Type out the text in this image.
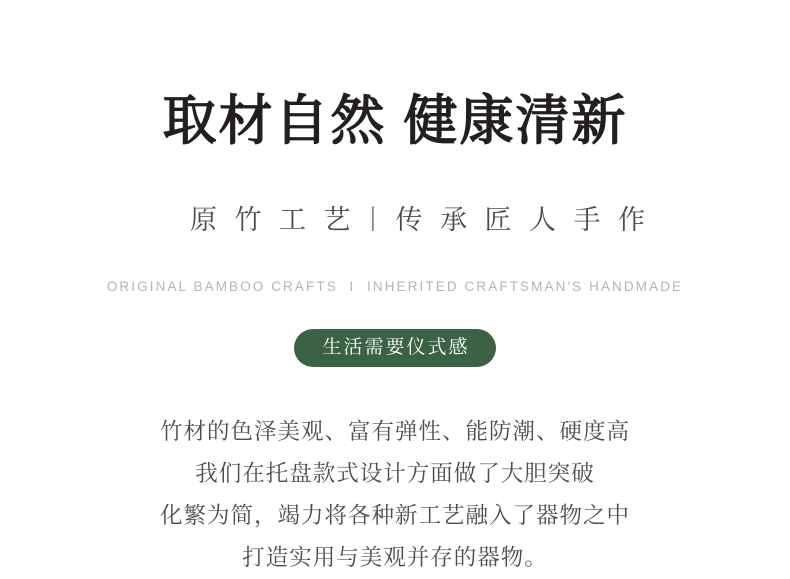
取材自然 健康清新

原 竹 工 艺 丨 传 承 匠 人 手 作

ORIGINAL BAMBOO CRAFTS  I  INHERITED CRAFTSMAN'S HANDMADE
生活需要仪式感
竹材的色泽美观、富有弹性、能防潮、硬度高
我们在托盘款式设计方面做了大胆突破
化繁为简，竭力将各种新工艺融入了器物之中
打造实用与美观并存的器物。
